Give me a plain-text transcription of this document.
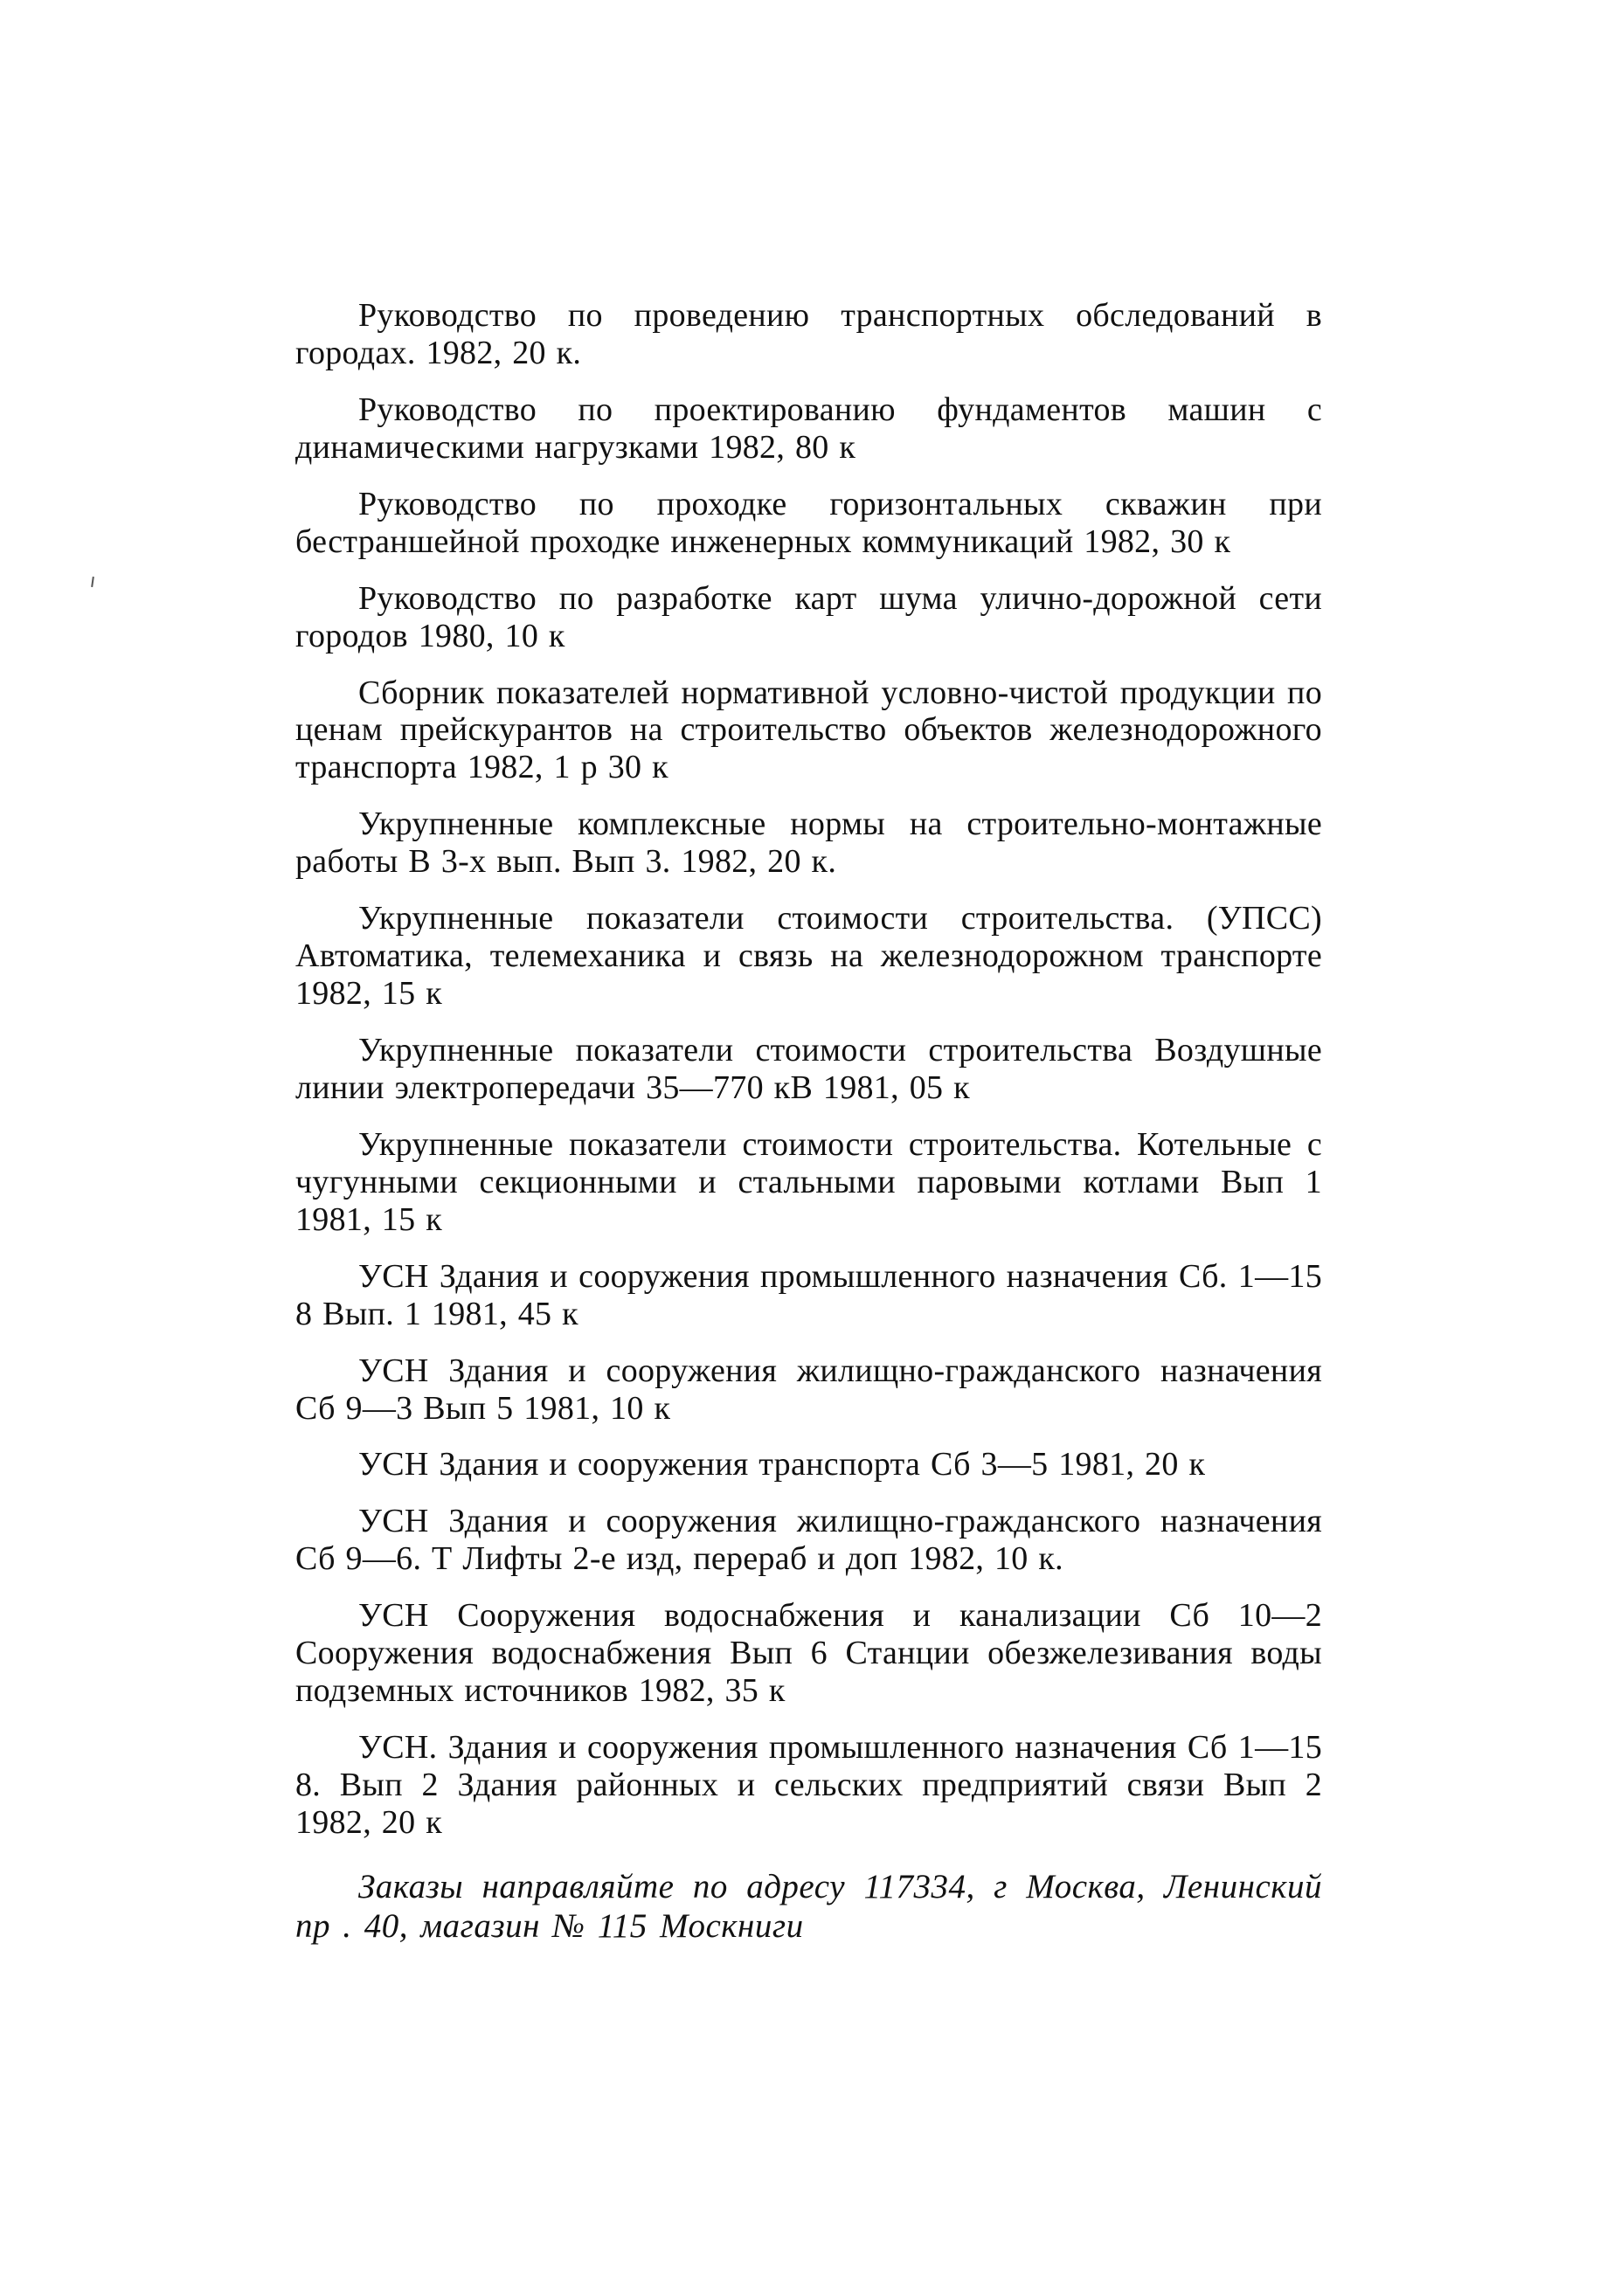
Руководство по проведению транспортных обследований в городах. 1982, 20 к.

Руководство по проектированию фундаментов машин с динамическими нагрузками 1982, 80 к

Руководство по проходке горизонтальных скважин при бестраншейной проходке инженерных коммуникаций 1982, 30 к

Руководство по разработке карт шума улично-дорожной сети городов 1980, 10 к

Сборник показателей нормативной условно-чистой продукции по ценам прейскурантов на строительство объектов железнодорожного транспорта 1982, 1 р 30 к

Укрупненные комплексные нормы на строительно-монтажные работы В 3-х вып. Вып 3. 1982, 20 к.

Укрупненные показатели стоимости строительства. (УПСС) Автоматика, телемеханика и связь на железнодорожном транспорте 1982, 15 к

Укрупненные показатели стоимости строительства Воздушные линии электропередачи 35—770 кВ 1981, 05 к

Укрупненные показатели стоимости строительства. Котельные с чугунными секционными и стальными паровыми котлами Вып 1 1981, 15 к

УСН Здания и сооружения промышленного назначения Сб. 1—15 8 Вып. 1 1981, 45 к

УСН Здания и сооружения жилищно-гражданского назначения Сб 9—3 Вып 5 1981, 10 к

УСН Здания и сооружения транспорта Сб 3—5 1981, 20 к

УСН Здания и сооружения жилищно-гражданского назначения Сб 9—6. Т Лифты 2-е изд, перераб и доп 1982, 10 к.

УСН Сооружения водоснабжения и канализации Сб 10—2 Сооружения водоснабжения Вып 6 Станции обезжелезивания воды подземных источников 1982, 35 к

УСН. Здания и сооружения промышленного назначения Сб 1—15 8. Вып 2 Здания районных и сельских предприятий связи Вып 2 1982, 20 к

Заказы направляйте по адресу 117334, г Москва, Ленинский пр . 40, магазин № 115 Москниги
